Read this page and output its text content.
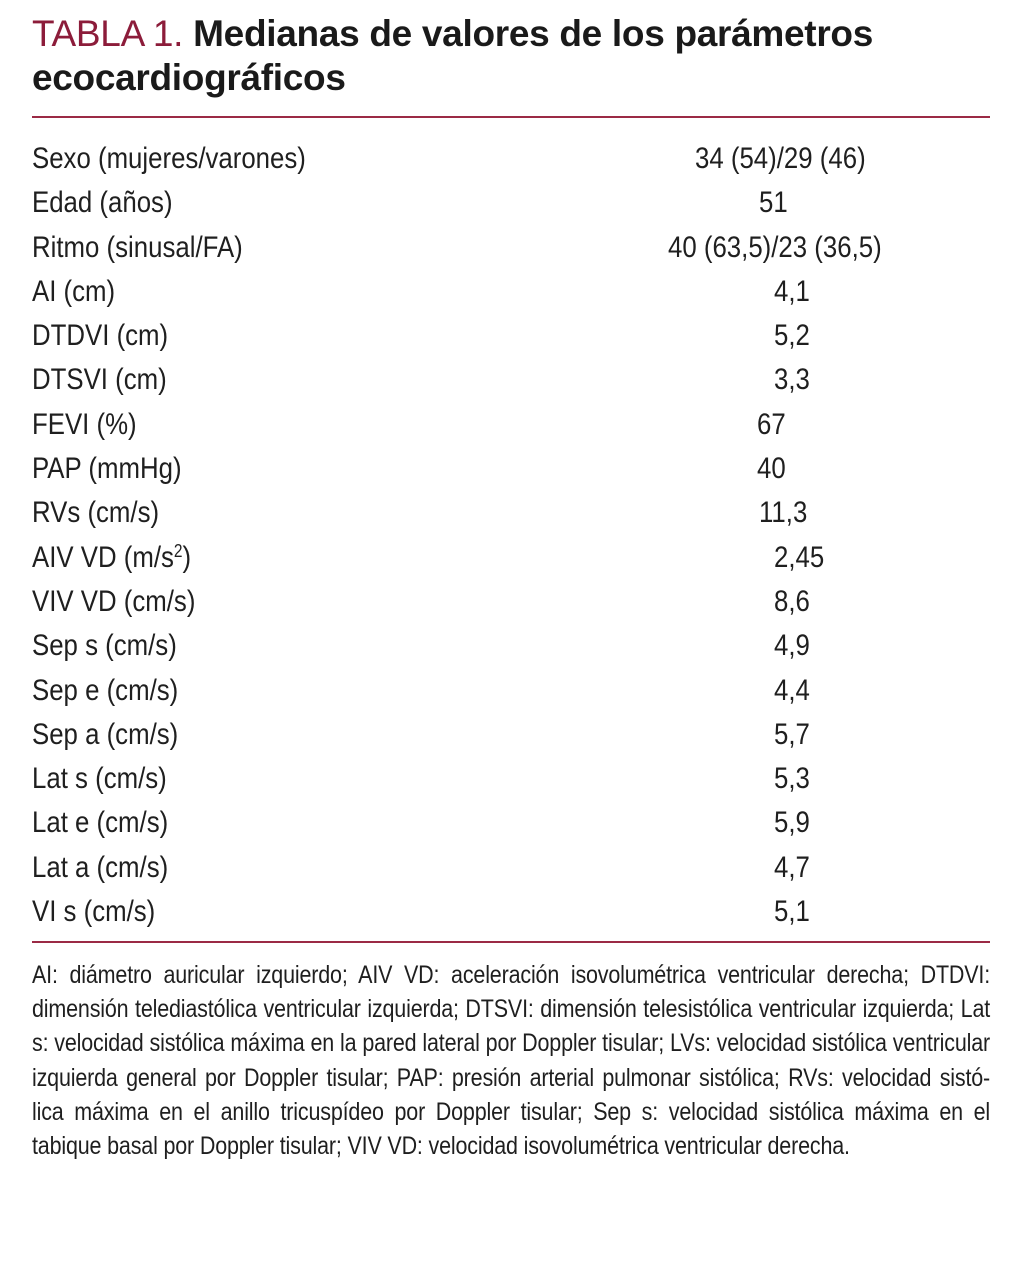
TABLA 1. Medianas de valores de los parámetros ecocardiográficos
Sexo (mujeres/varones)	34 (54)/29 (46)
Edad (años)	51
Ritmo (sinusal/FA)	40 (63,5)/23 (36,5)
AI (cm)	4,1
DTDVI (cm)	5,2
DTSVI (cm)	3,3
FEVI (%)	67
PAP (mmHg)	40
RVs (cm/s)	11,3
AIV VD $(m/s^2)$	2,45
VIV VD (cm/s)	8,6
Sep s (cm/s)	4,9
Sep e (cm/s)	4,4
Sep a (cm/s)	5,7
Lat s (cm/s)	5,3
Lat e (cm/s)	5,9
Lat a (cm/s)	4,7
VI s (cm/s)	5,1

AI: diámetro auricular izquierdo; AIV VD: aceleración isovolumétrica ventricular derecha; DTDVI: dimensión telediastólica ventricular izquierda; DTSVI: dimensión telesistólica ventricular izquierda; Lat s: velocidad sistólica máxima en la pared lateral por Doppler tisular; LVs: velocidad sistólica ventricular izquierda general por Doppler tisular; PAP: presión arterial pulmonar sistólica; RVs: velocidad sistó-lica máxima en el anillo tricuspídeo por Doppler tisular; Sep s: velocidad sistólica máxima en el tabique basal por Doppler tisular; VIV VD: velocidad isovolumétrica ventricular derecha.
